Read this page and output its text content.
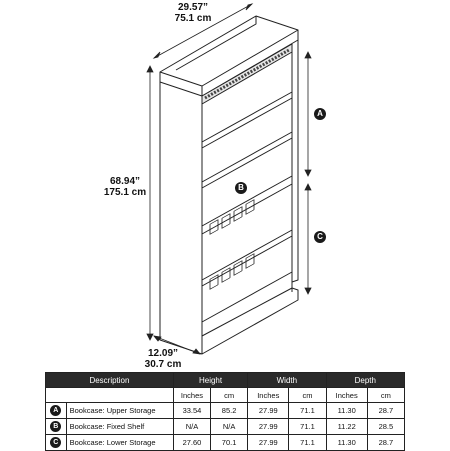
29.57”
75.1 cm
68.94”
175.1 cm
12.09”
30.7 cm
A
B
C
Description		Height		Width		Depth	
		Inches	cm	Inches	cm	Inches	cm
A	Bookcase: Upper Storage	33.54	85.2	27.99	71.1	11.30	28.7
B	Bookcase: Fixed Shelf	N/A	N/A	27.99	71.1	11.22	28.5
C	Bookcase: Lower Storage	27.60	70.1	27.99	71.1	11.30	28.7
